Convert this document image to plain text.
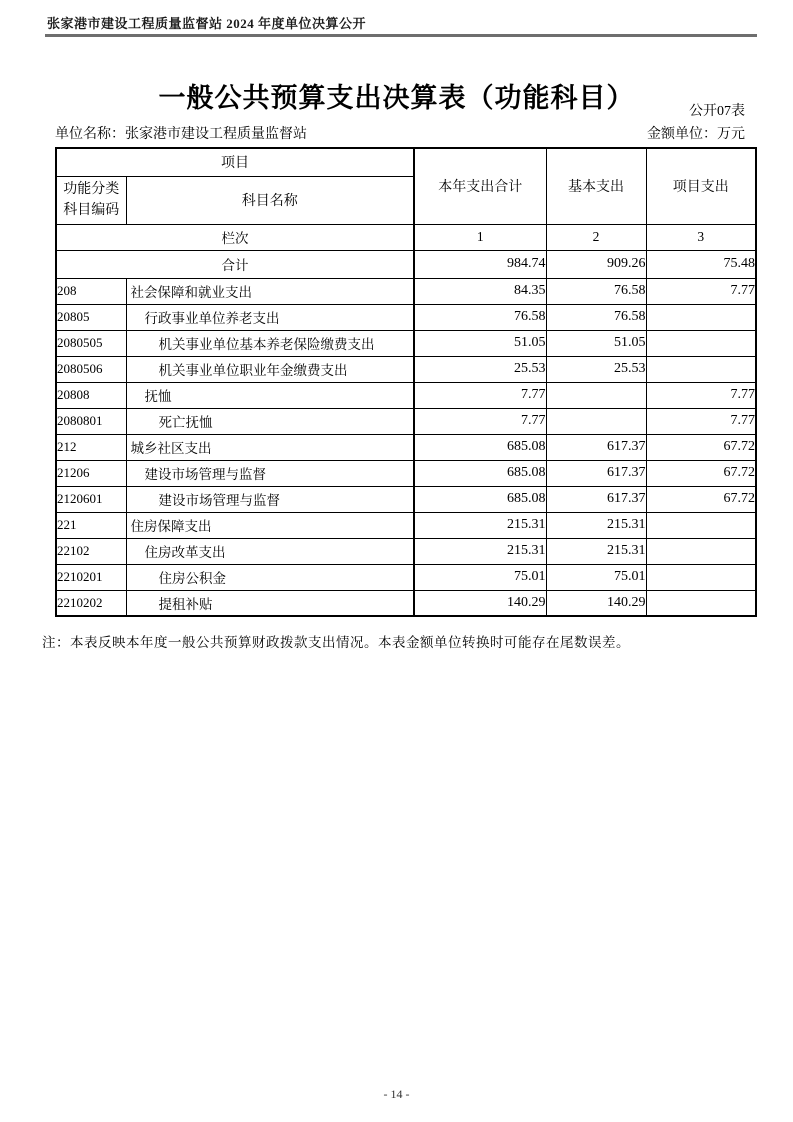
张家港市建设工程质量监督站 2024 年度单位决算公开
一般公共预算支出决算表（功能科目）	公开07表
单位名称：张家港市建设工程质量监督站	金额单位：万元
项目		本年支出合计	基本支出	项目支出
功能分类
科目编码	科目名称			
栏次		1	2	3
合计		984.74	909.26	75.48
208	社会保障和就业支出	84.35	76.58	7.77
20805	行政事业单位养老支出	76.58	76.58	
2080505	机关事业单位基本养老保险缴费支出	51.05	51.05	
2080506	机关事业单位职业年金缴费支出	25.53	25.53	
20808	抚恤	7.77		7.77
2080801	死亡抚恤	7.77		7.77
212	城乡社区支出	685.08	617.37	67.72
21206	建设市场管理与监督	685.08	617.37	67.72
2120601	建设市场管理与监督	685.08	617.37	67.72
221	住房保障支出	215.31	215.31	
22102	住房改革支出	215.31	215.31	
2210201	住房公积金	75.01	75.01	
2210202	提租补贴	140.29	140.29	
注：本表反映本年度一般公共预算财政拨款支出情况。本表金额单位转换时可能存在尾数误差。
- 14 -
